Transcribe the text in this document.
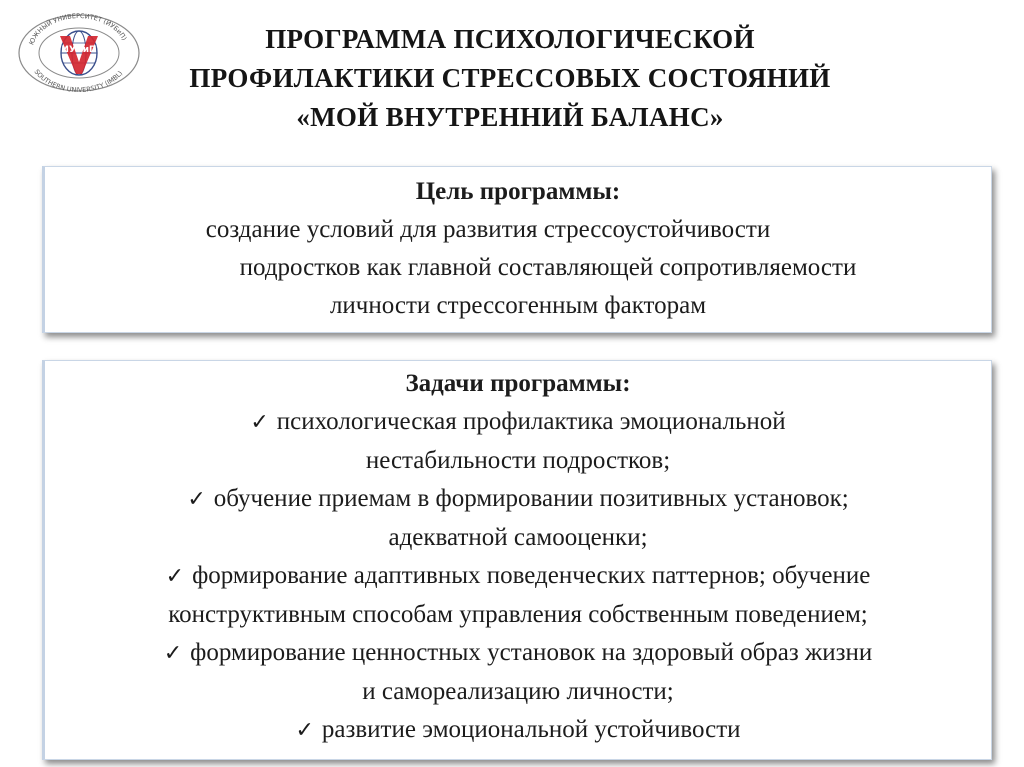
ЮЖНЫЙ УНИВЕРСИТЕТ (ИУБиП)
SOUTHERN UNIVERSITY (IMBL)
ИУБиП	ПРОГРАММА ПСИХОЛОГИЧЕСКОЙ
ПРОФИЛАКТИКИ СТРЕССОВЫХ СОСТОЯНИЙ
«МОЙ ВНУТРЕННИЙ БАЛАНС»
Цель программы:
создание условий для развития стрессоустойчивости
подростков как главной составляющей сопротивляемости
личности стрессогенным факторам
Задачи программы:
✓ психологическая профилактика эмоциональной
нестабильности подростков;
✓ обучение приемам в формировании позитивных установок;
адекватной самооценки;
✓ формирование адаптивных поведенческих паттернов; обучение
конструктивным способам управления собственным поведением;
✓ формирование ценностных установок на здоровый образ жизни
и самореализацию личности;
✓ развитие эмоциональной устойчивости
